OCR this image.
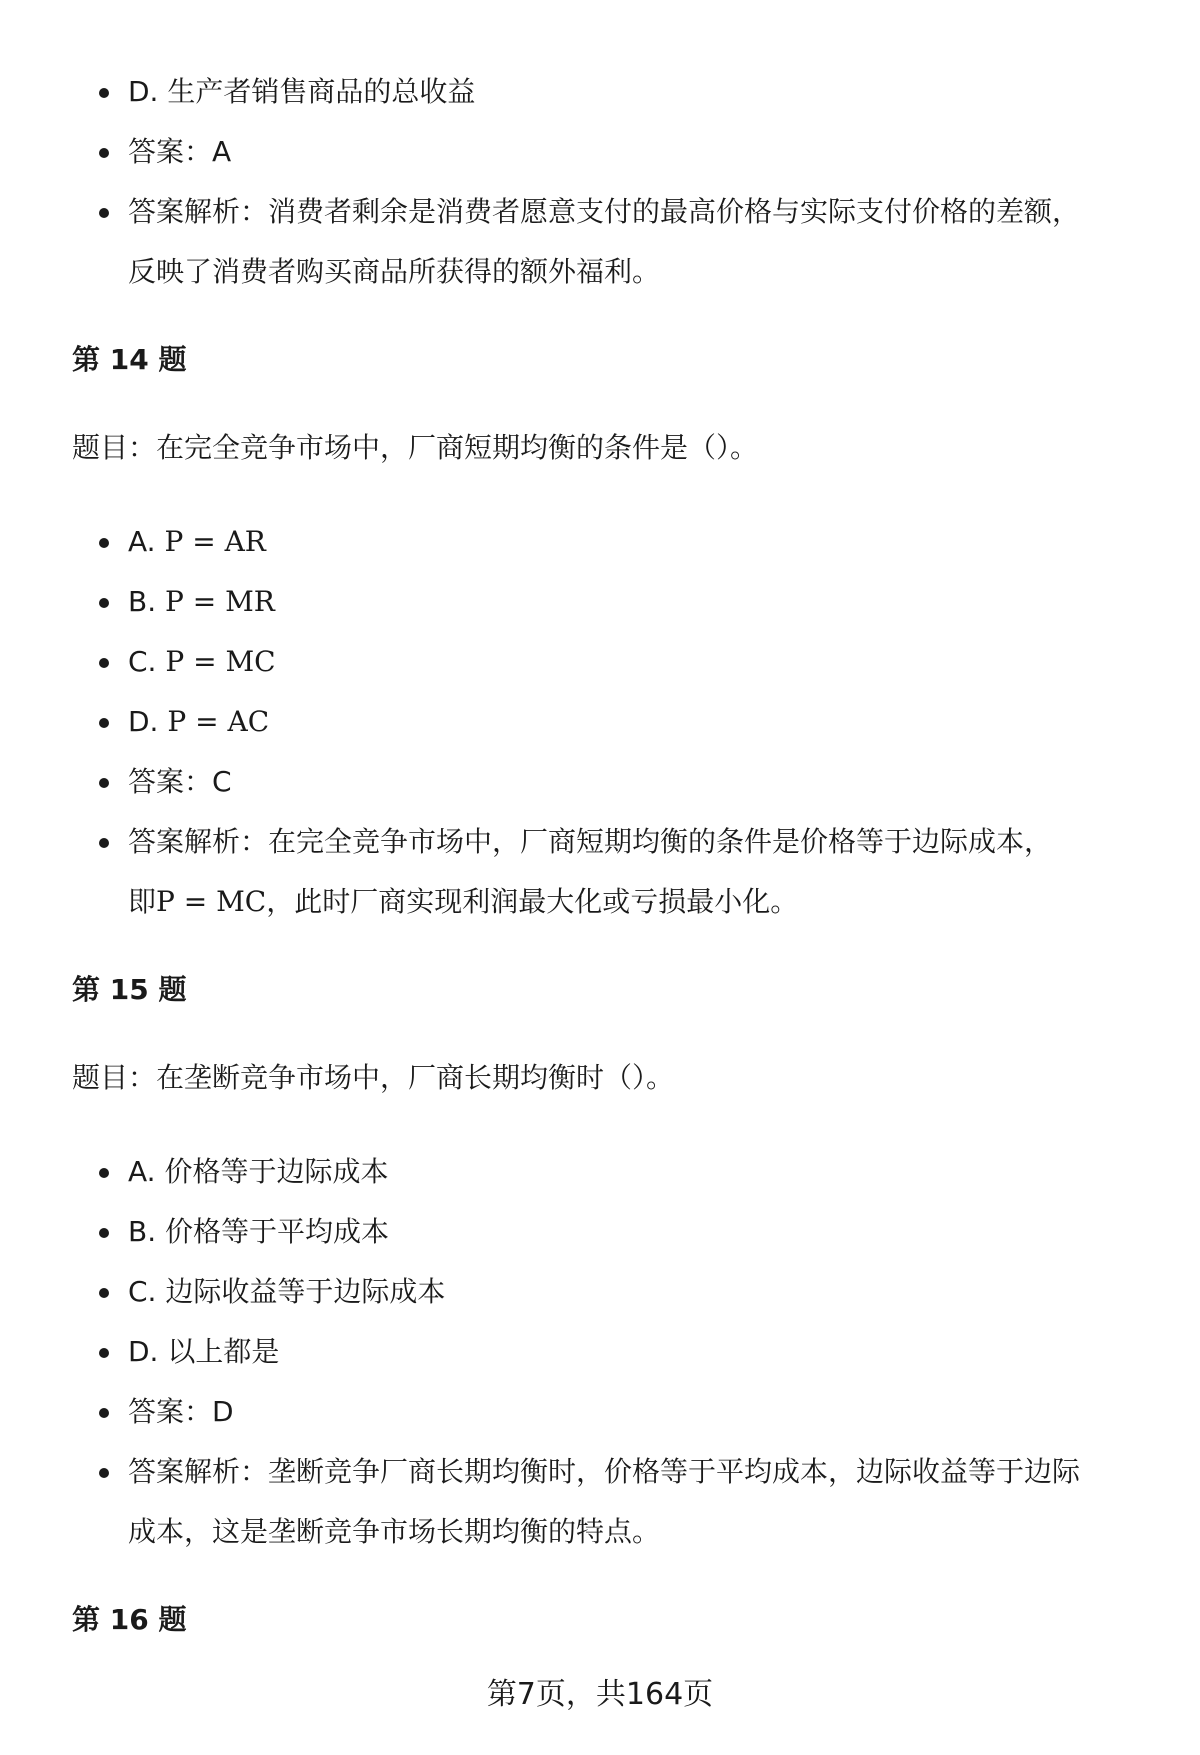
D. 生产者销售商品的总收益
答案：A
答案解析：消费者剩余是消费者愿意支付的最高价格与实际支付价格的差额，
反映了消费者购买商品所获得的额外福利。
第 14 题

题目：在完全竞争市场中，厂商短期均衡的条件是（）。

A. P = AR
B. P = MR
C. P = MC
D. P = AC
答案：C
答案解析：在完全竞争市场中，厂商短期均衡的条件是价格等于边际成本，
即P = MC，此时厂商实现利润最大化或亏损最小化。
第 15 题

题目：在垄断竞争市场中，厂商长期均衡时（）。

A. 价格等于边际成本
B. 价格等于平均成本
C. 边际收益等于边际成本
D. 以上都是
答案：D
答案解析：垄断竞争厂商长期均衡时，价格等于平均成本，边际收益等于边际
成本，这是垄断竞争市场长期均衡的特点。
第 16 题
第7页，共164页
